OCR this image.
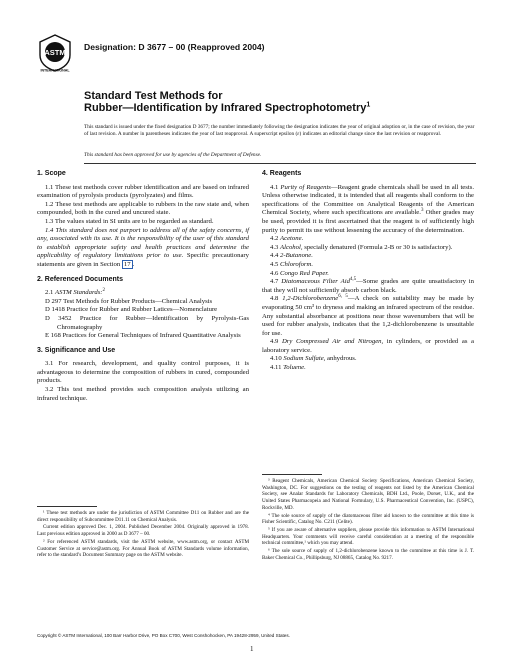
ASTM
INTERNATIONAL
Designation: D 3677 – 00 (Reapproved 2004)
Standard Test Methods for
Rubber—Identification by Infrared Spectrophotometry$^1$
This standard is issued under the fixed designation D 3677; the number immediately following the designation indicates the year of original adoption or, in the case of revision, the year of last revision. A number in parentheses indicates the year of last reapproval. A superscript epsilon (ε) indicates an editorial change since the last revision or reapproval.
This standard has been approved for use by agencies of the Department of Defense.
1. Scope

1.1 These test methods cover rubber identification and are based on infrared examination of pyrolysis products (pyrolyzates) and films.

1.2 These test methods are applicable to rubbers in the raw state and, when compounded, both in the cured and uncured state.

1.3 The values stated in SI units are to be regarded as standard.

1.4 This standard does not purport to address all of the safety concerns, if any, associated with its use. It is the responsibility of the user of this standard to establish appropriate safety and health practices and determine the applicability of regulatory limitations prior to use. Specific precautionary statements are given in Section 17 .

2. Referenced Documents

2.1 ASTM Standards:$^2$

D 297 Test Methods for Rubber Products—Chemical Analysis

D 1418 Practice for Rubber and Rubber Latices—Nomenclature

D 3452 Practice for Rubber—Identification by Pyrolysis-Gas Chromatography

E 168 Practices for General Techniques of Infrared Quantitative Analysis

3. Significance and Use

3.1 For research, development, and quality control purposes, it is advantageous to determine the composition of rubbers in cured, compounded products.

3.2 This test method provides such composition analysis utilizing an infrared technique.

¹ These test methods are under the jurisdiction of ASTM Committee D11 on Rubber and are the direct responsibility of Subcommittee D11.11 on Chemical Analysis.

Current edition approved Dec. 1, 2004. Published December 2004. Originally approved in 1978. Last previous edition approved in 2000 as D 3677 – 00.

² For referenced ASTM standards, visit the ASTM website, www.astm.org, or contact ASTM Customer Service at service@astm.org. For Annual Book of ASTM Standards volume information, refer to the standard’s Document Summary page on the ASTM website.

4. Reagents

4.1 Purity of Reagents—Reagent grade chemicals shall be used in all tests. Unless otherwise indicated, it is intended that all reagents shall conform to the specifications of the Committee on Analytical Reagents of the American Chemical Society, where such specifications are available.$^3$ Other grades may be used, provided it is first ascertained that the reagent is of sufficiently high purity to permit its use without lessening the accuracy of the determination.

4.2 Acetone.

4.3 Alcohol, specially denatured (Formula 2-B or 30 is satisfactory).

4.4 2-Butanone.

4.5 Chloroform.

4.6 Congo Red Paper.

4.7 Diatomaceous Filter Aid$^{4,5}$—Some grades are quite unsatisfactory in that they will not sufficiently absorb carbon black.

4.8 1,2-Dichlorobenzene$^{6, 5}$—A check on suitability may be made by evaporating 50 cm³ to dryness and making an infrared spectrum of the residue. Any substantial absorbance at positions near those wavenumbers that will be used for rubber analysis, indicates that the 1,2-dichlorobenzene is unsuitable for use.

4.9 Dry Compressed Air and Nitrogen, in cylinders, or provided as a laboratory service.

4.10 Sodium Sulfate, anhydrous.

4.11 Toluene.

³ Reagent Chemicals, American Chemical Society Specifications, American Chemical Society, Washington, DC. For suggestions on the testing of reagents not listed by the American Chemical Society, see Analar Standards for Laboratory Chemicals, BDH Ltd., Poole, Dorset, U.K., and the United States Pharmacopeia and National Formulary, U.S. Pharmaceutical Convention, Inc. (USPC), Rockville, MD.

⁴ The sole source of supply of the diatomaceous filter aid known to the committee at this time is Fisher Scientific, Catalog No. C211 (Celite).

⁵ If you are aware of alternative suppliers, please provide this information to ASTM International Headquarters. Your comments will receive careful consideration at a meeting of the responsible technical committee,¹ which you may attend.

⁶ The sole source of supply of 1,2-dichlorobenzene known to the committee at this time is J. T. Baker Chemical Co., Phillipsburg, NJ 08865, Catalog No. 9217.

Copyright © ASTM International, 100 Barr Harbor Drive, PO Box C700, West Conshohocken, PA 19428-2959, United States.
1
